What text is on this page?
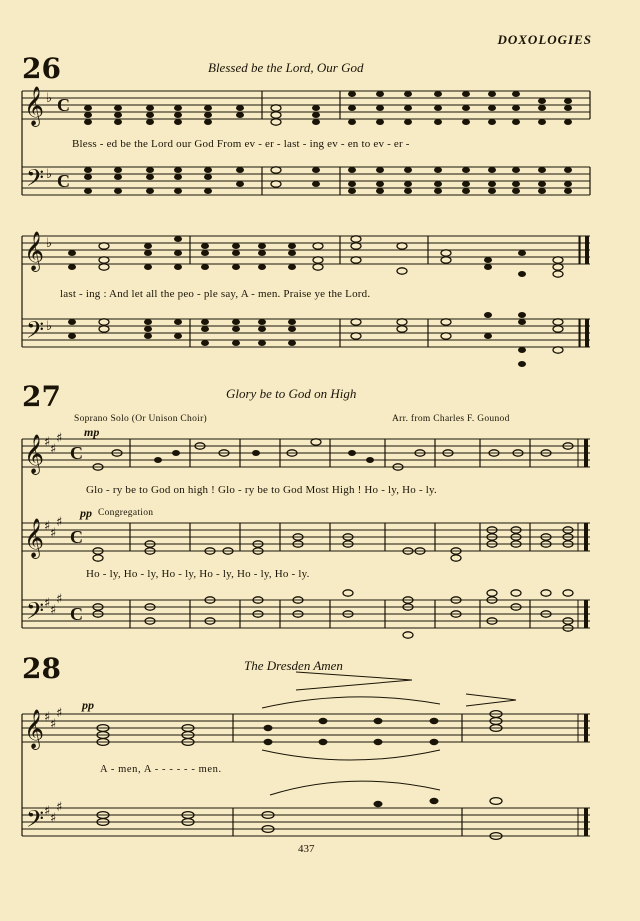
DOXOLOGIES
26	Blessed be the Lord, Our God
𝄞
𝄢
𝄞
𝄢
𝄞
𝄞
𝄢
𝄞
𝄢
♭
♭
♭
♭
♯ ♯
♯
♯ ♯
♯
♯ ♯
♯
♯ ♯
♯
♯ ♯
♯
C
C
C
C
C
Bless - ed be the Lord our God From ev - er - last - ing ev - en to ev - er -
last - ing : And let all the peo - ple say, A - men. Praise ye the Lord.
27	Glory be to God on High
Soprano Solo (Or Unison Choir)	Arr. from Charles F. Gounod
mp
Glo - ry be to God on high ! Glo - ry be to God Most High ! Ho - ly, Ho - ly.
pp Congregation
Ho - ly, Ho - ly, Ho - ly, Ho - ly, Ho - ly, Ho - ly.
28	The Dresden Amen
pp
A - men, A - - - - - - men.
437
